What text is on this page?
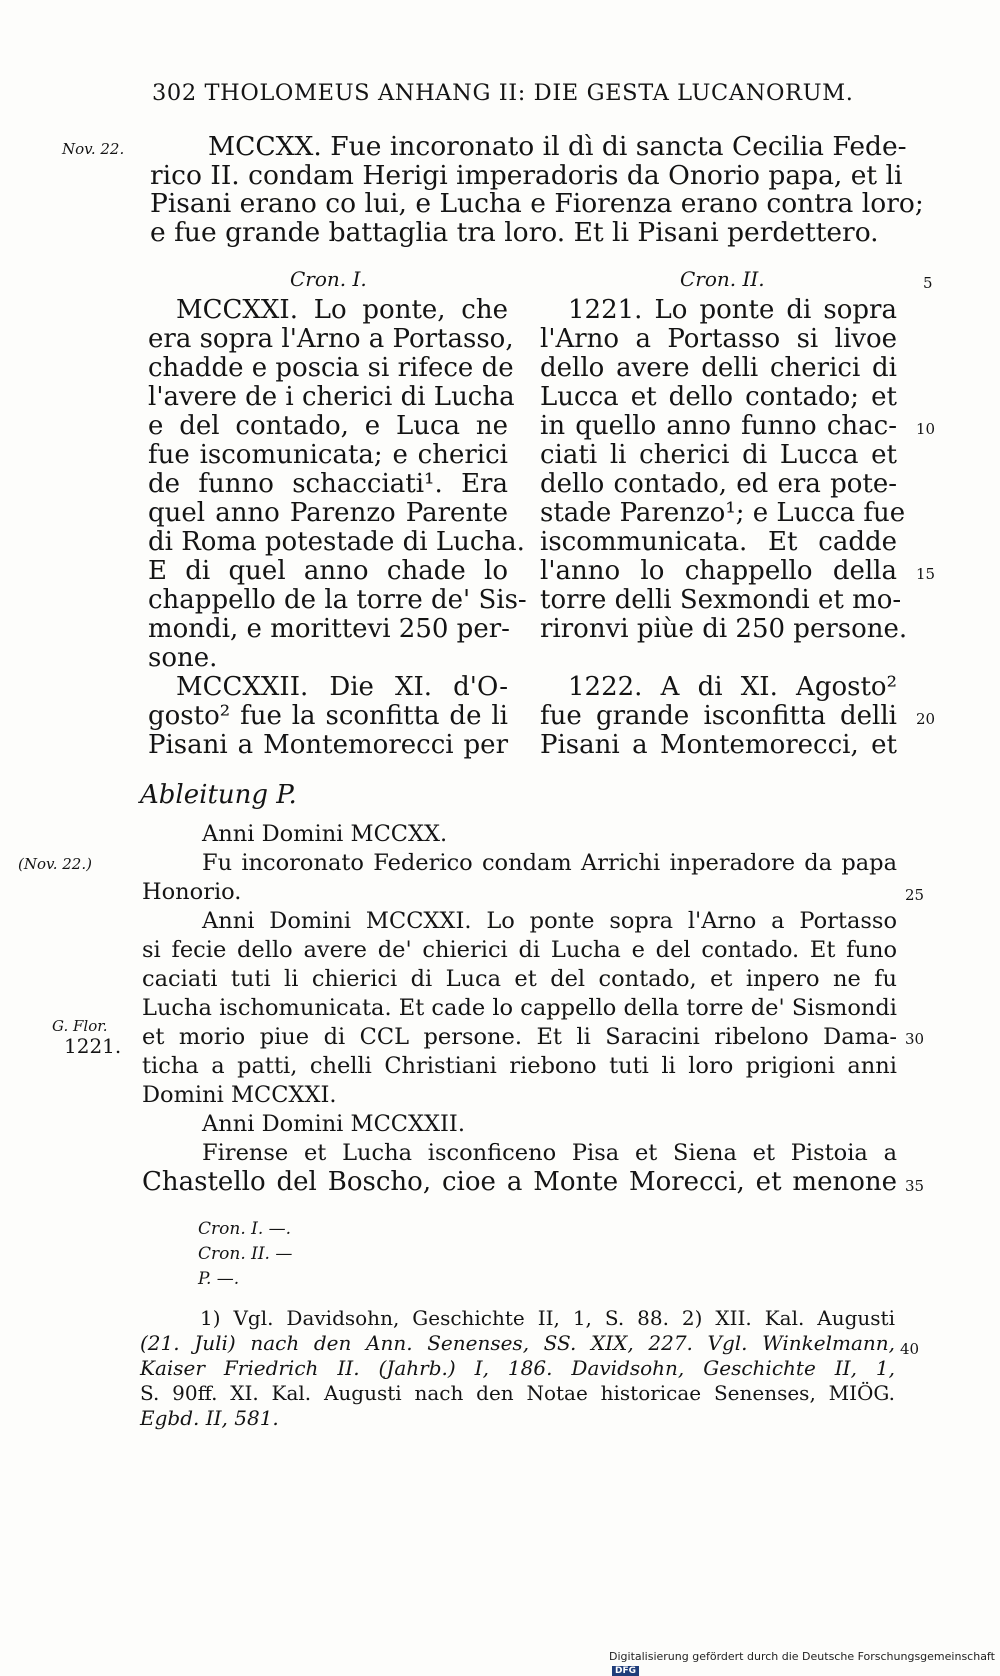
302 THOLOMEUS ANHANG II: DIE GESTA LUCANORUM.
Nov. 22.
(Nov. 22.)
G. Flor.
1221.
5
10
15
20
25
30
35
40
MCCXX. Fue incoronato il dì di sancta Cecilia Fede-
rico II. condam Herigi imperadoris da Onorio papa, et li
Pisani erano co lui, e Lucha e Fiorenza erano contra loro;
e fue grande battaglia tra loro. Et li Pisani perdettero.
Cron. I.	Cron. II.
MCCXXI. Lo ponte, che
era sopra l'Arno a Portasso,
chadde e poscia si rifece de
l'avere de i cherici di Lucha
e del contado, e Luca ne
fue iscomunicata; e cherici
de funno schacciati¹. Era
quel anno Parenzo Parente
di Roma potestade di Lucha.
E di quel anno chade lo
chappello de la torre de' Sis-
mondi, e morittevi 250 per-
sone.
MCCXXII. Die XI. d'O-
gosto² fue la sconfitta de li
Pisani a Montemorecci per
1221. Lo ponte di sopra
l'Arno a Portasso si livoe
dello avere delli cherici di
Lucca et dello contado; et
in quello anno funno chac-
ciati li cherici di Lucca et
dello contado, ed era pote-
stade Parenzo¹; e Lucca fue
iscommunicata. Et cadde
l'anno lo chappello della
torre delli Sexmondi et mo-
rironvi piùe di 250 persone.
1222. A di XI. Agosto²
fue grande isconfitta delli
Pisani a Montemorecci, et
Ableitung P.
Anni Domini MCCXX.
Fu incoronato Federico condam Arrichi inperadore da papa
Honorio.
Anni Domini MCCXXI. Lo ponte sopra l'Arno a Portasso
si fecie dello avere de' chierici di Lucha e del contado. Et funo
caciati tuti li chierici di Luca et del contado, et inpero ne fu
Lucha ischomunicata. Et cade lo cappello della torre de' Sismondi
et morio piue di CCL persone. Et li Saracini ribelono Dama-
ticha a patti, chelli Christiani riebono tuti li loro prigioni anni
Domini MCCXXI.
Anni Domini MCCXXII.
Firense et Lucha isconficeno Pisa et Siena et Pistoia a
Chastello del Boscho, cioe a Monte Morecci, et menone
Cron. I. —.
Cron. II. —
P. —.
1) Vgl. Davidsohn, Geschichte II, 1, S. 88. 2) XII. Kal. Augusti
(21. Juli) nach den Ann. Senenses, SS. XIX, 227. Vgl. Winkelmann,
Kaiser Friedrich II. (Jahrb.) I, 186. Davidsohn, Geschichte II, 1,
S. 90ff. XI. Kal. Augusti nach den Notae historicae Senenses, MIÖG.
Egbd. II, 581.
Digitalisierung gefördert durch die Deutsche ForschungsgemeinschaftDFG
